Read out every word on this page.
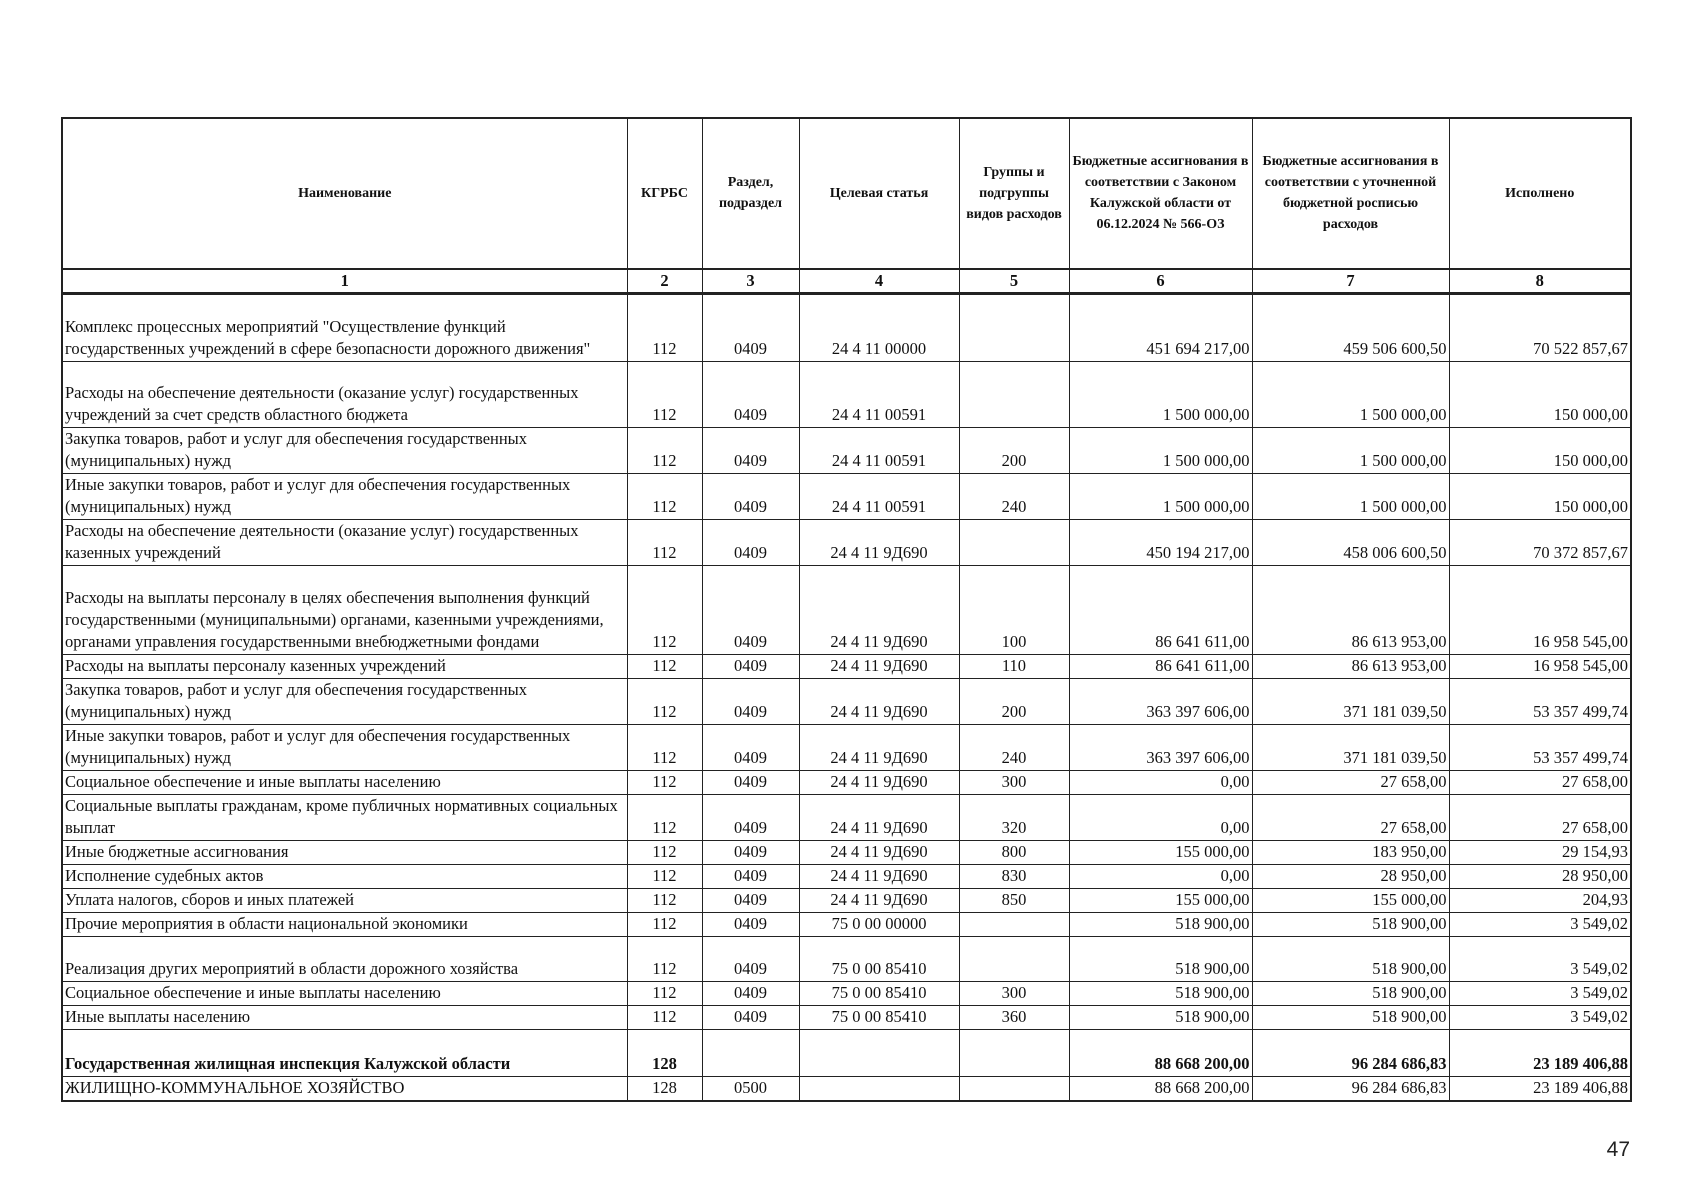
Наименование	КГРБС	Раздел, подраздел	Целевая статья	Группы и подгруппы видов расходов	Бюджетные ассигнования в соответствии с Законом Калужской области от 06.12.2024 № 566-ОЗ	Бюджетные ассигнования в соответствии с уточненной бюджетной росписью расходов	Исполнено
1	2	3	4	5	6	7	8
Комплекс процессных мероприятий "Осуществление функций государственных учреждений в сфере безопасности дорожного движения"	112	0409	24 4 11 00000		451 694 217,00	459 506 600,50	70 522 857,67
Расходы на обеспечение деятельности (оказание услуг) государственных учреждений за счет средств областного бюджета	112	0409	24 4 11 00591		1 500 000,00	1 500 000,00	150 000,00
Закупка товаров, работ и услуг для обеспечения государственных (муниципальных) нужд	112	0409	24 4 11 00591	200	1 500 000,00	1 500 000,00	150 000,00
Иные закупки товаров, работ и услуг для обеспечения государственных (муниципальных) нужд	112	0409	24 4 11 00591	240	1 500 000,00	1 500 000,00	150 000,00
Расходы на обеспечение деятельности (оказание услуг) государственных казенных учреждений	112	0409	24 4 11 9Д690		450 194 217,00	458 006 600,50	70 372 857,67
Расходы на выплаты персоналу в целях обеспечения выполнения функций государственными (муниципальными) органами, казенными учреждениями, органами управления государственными внебюджетными фондами	112	0409	24 4 11 9Д690	100	86 641 611,00	86 613 953,00	16 958 545,00
Расходы на выплаты персоналу казенных учреждений	112	0409	24 4 11 9Д690	110	86 641 611,00	86 613 953,00	16 958 545,00
Закупка товаров, работ и услуг для обеспечения государственных (муниципальных) нужд	112	0409	24 4 11 9Д690	200	363 397 606,00	371 181 039,50	53 357 499,74
Иные закупки товаров, работ и услуг для обеспечения государственных (муниципальных) нужд	112	0409	24 4 11 9Д690	240	363 397 606,00	371 181 039,50	53 357 499,74
Социальное обеспечение и иные выплаты населению	112	0409	24 4 11 9Д690	300	0,00	27 658,00	27 658,00
Социальные выплаты гражданам, кроме публичных нормативных социальных выплат	112	0409	24 4 11 9Д690	320	0,00	27 658,00	27 658,00
Иные бюджетные ассигнования	112	0409	24 4 11 9Д690	800	155 000,00	183 950,00	29 154,93
Исполнение судебных актов	112	0409	24 4 11 9Д690	830	0,00	28 950,00	28 950,00
Уплата налогов, сборов и иных платежей	112	0409	24 4 11 9Д690	850	155 000,00	155 000,00	204,93
Прочие мероприятия в области национальной экономики	112	0409	75 0 00 00000		518 900,00	518 900,00	3 549,02
Реализация других мероприятий в области дорожного хозяйства	112	0409	75 0 00 85410		518 900,00	518 900,00	3 549,02
Социальное обеспечение и иные выплаты населению	112	0409	75 0 00 85410	300	518 900,00	518 900,00	3 549,02
Иные выплаты населению	112	0409	75 0 00 85410	360	518 900,00	518 900,00	3 549,02
Государственная жилищная инспекция Калужской области	128				88 668 200,00	96 284 686,83	23 189 406,88
ЖИЛИЩНО-КОММУНАЛЬНОЕ ХОЗЯЙСТВО	128	0500			88 668 200,00	96 284 686,83	23 189 406,88
47
